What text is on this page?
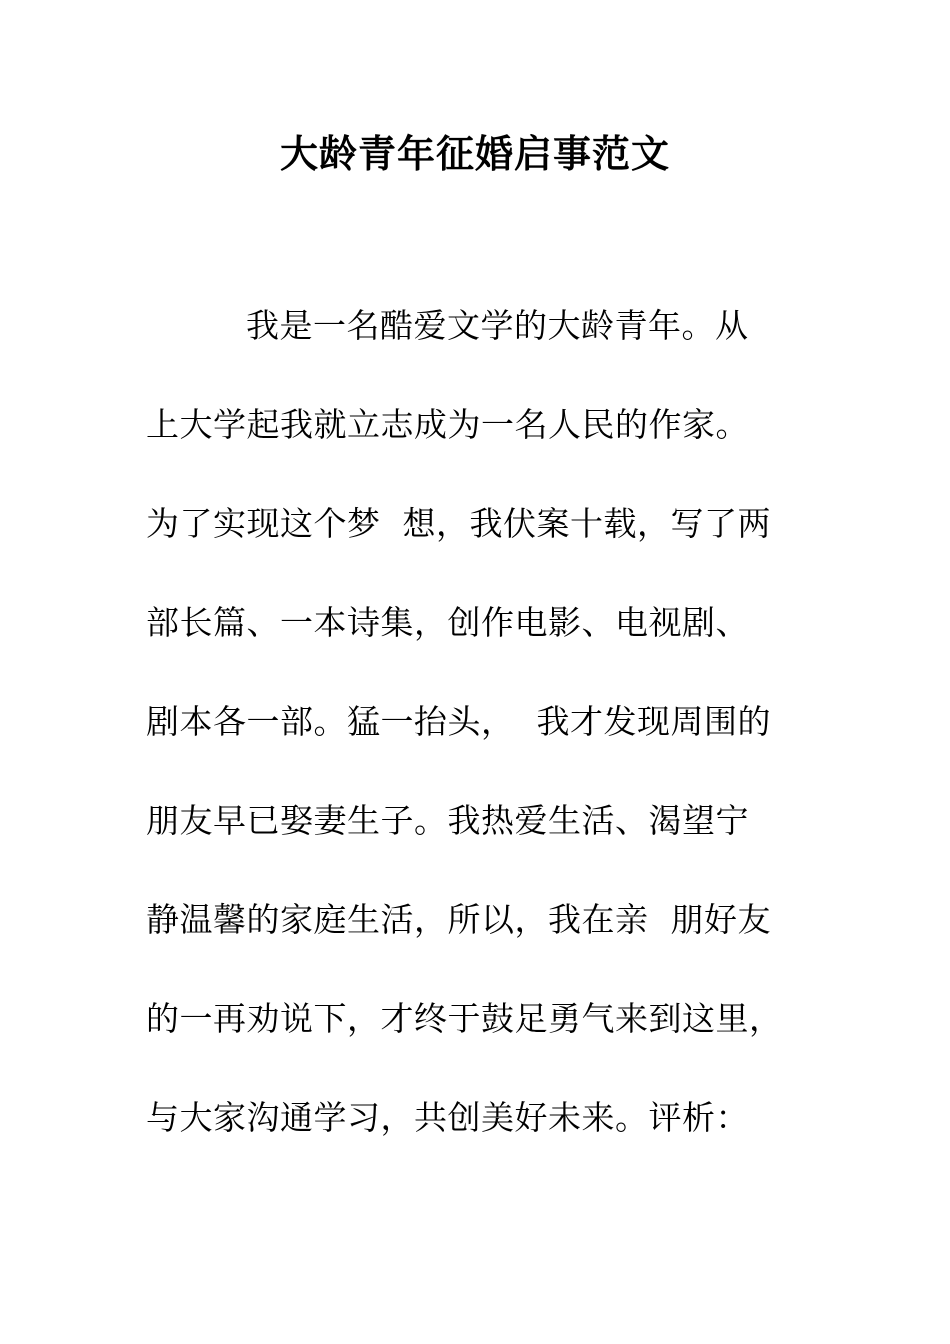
大龄青年征婚启事范文
我是一名酷爱文学的大龄青年。从
上大学起我就立志成为一名人民的作家。
为了实现这个梦  想，我伏案十载，写了两
部长篇、一本诗集，创作电影、电视剧、
剧本各一部。猛一抬头，  我才发现周围的
朋友早已娶妻生子。我热爱生活、渴望宁
静温馨的家庭生活，所以，我在亲  朋好友
的一再劝说下，才终于鼓足勇气来到这里，
与大家沟通学习，共创美好未来。评析：
